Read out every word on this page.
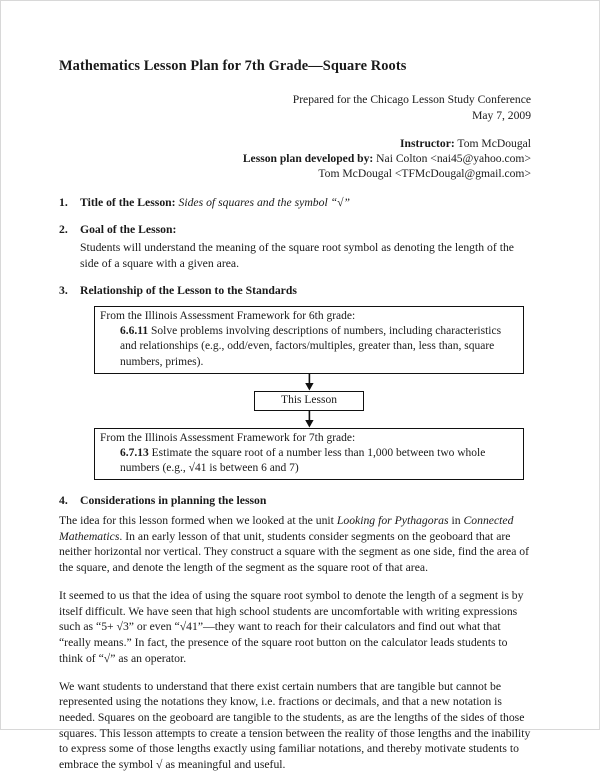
Mathematics Lesson Plan for 7th Grade—Square Roots
Prepared for the Chicago Lesson Study Conference
May 7, 2009
Instructor: Tom McDougal
Lesson plan developed by: Nai Colton <nai45@yahoo.com>
Tom McDougal <TFMcDougal@gmail.com>
1. Title of the Lesson: Sides of squares and the symbol “√”
2. Goal of the Lesson:
Students will understand the meaning of the square root symbol as denoting the length of the side of a square with a given area.
3. Relationship of the Lesson to the Standards
From the Illinois Assessment Framework for 6th grade:
6.6.11 Solve problems involving descriptions of numbers, including characteristics and relationships (e.g., odd/even, factors/multiples, greater than, less than, square numbers, primes).
This Lesson
From the Illinois Assessment Framework for 7th grade:
6.7.13 Estimate the square root of a number less than 1,000 between two whole numbers (e.g., √41 is between 6 and 7)
4. Considerations in planning the lesson

The idea for this lesson formed when we looked at the unit Looking for Pythagoras in Connected Mathematics. In an early lesson of that unit, students consider segments on the geoboard that are neither horizontal nor vertical. They construct a square with the segment as one side, find the area of the square, and denote the length of the segment as the square root of that area.

It seemed to us that the idea of using the square root symbol to denote the length of a segment is by itself difficult. We have seen that high school students are uncomfortable with writing expressions such as “5+ √3” or even “√41”—they want to reach for their calculators and find out what that “really means.” In fact, the presence of the square root button on the calculator leads students to think of “√” as an operator.

We want students to understand that there exist certain numbers that are tangible but cannot be represented using the notations they know, i.e. fractions or decimals, and that a new notation is needed. Squares on the geoboard are tangible to the students, as are the lengths of the sides of those squares. This lesson attempts to create a tension between the reality of those lengths and the inability to express some of those lengths exactly using familiar notations, and thereby motivate students to embrace the symbol √ as meaningful and useful.
